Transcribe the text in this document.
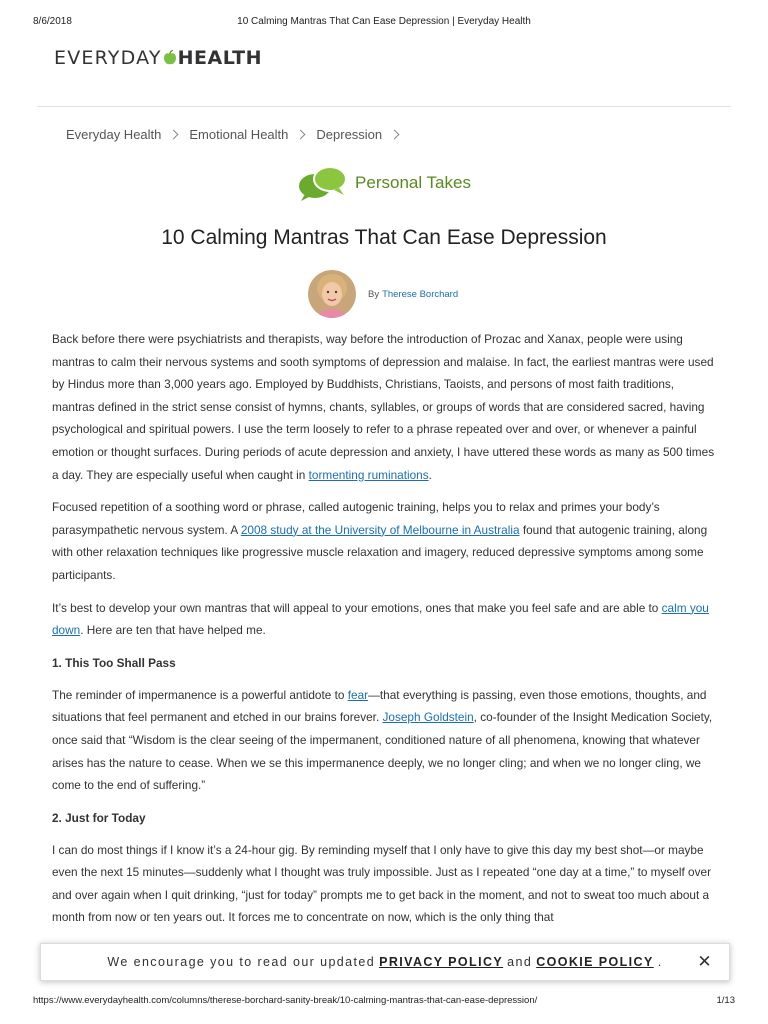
8/6/2018	10 Calming Mantras That Can Ease Depression | Everyday Health
EVERYDAY HEALTH
Everyday Health Emotional Health Depression
Personal Takes
10 Calming Mantras That Can Ease Depression
By Therese Borchard

Back before there were psychiatrists and therapists, way before the introduction of Prozac and Xanax, people were using mantras to calm their nervous systems and sooth symptoms of depression and malaise. In fact, the earliest mantras were used by Hindus more than 3,000 years ago. Employed by Buddhists, Christians, Taoists, and persons of most faith traditions, mantras defined in the strict sense consist of hymns, chants, syllables, or groups of words that are considered sacred, having psychological and spiritual powers. I use the term loosely to refer to a phrase repeated over and over, or whenever a painful emotion or thought surfaces. During periods of acute depression and anxiety, I have uttered these words as many as 500 times a day. They are especially useful when caught in tormenting ruminations.

Focused repetition of a soothing word or phrase, called autogenic training, helps you to relax and primes your body’s parasympathetic nervous system. A 2008 study at the University of Melbourne in Australia found that autogenic training, along with other relaxation techniques like progressive muscle relaxation and imagery, reduced depressive symptoms among some participants.

It’s best to develop your own mantras that will appeal to your emotions, ones that make you feel safe and are able to calm you down. Here are ten that have helped me.

1. This Too Shall Pass

The reminder of impermanence is a powerful antidote to fear—that everything is passing, even those emotions, thoughts, and situations that feel permanent and etched in our brains forever. Joseph Goldstein, co-founder of the Insight Medication Society, once said that “Wisdom is the clear seeing of the impermanent, conditioned nature of all phenomena, knowing that whatever arises has the nature to cease. When we se this impermanence deeply, we no longer cling; and when we no longer cling, we come to the end of suffering.”

2. Just for Today

I can do most things if I know it’s a 24-hour gig. By reminding myself that I only have to give this day my best shot—or maybe even the next 15 minutes—suddenly what I thought was truly impossible. Just as I repeated “one day at a time,” to myself over and over again when I quit drinking, “just for today” prompts me to get back in the moment, and not to sweat too much about a month from now or ten years out. It forces me to concentrate on now, which is the only thing that

We encourage you to read our updated PRIVACY POLICY and COOKIE POLICY . ✕
https://www.everydayhealth.com/columns/therese-borchard-sanity-break/10-calming-mantras-that-can-ease-depression/	1/13
